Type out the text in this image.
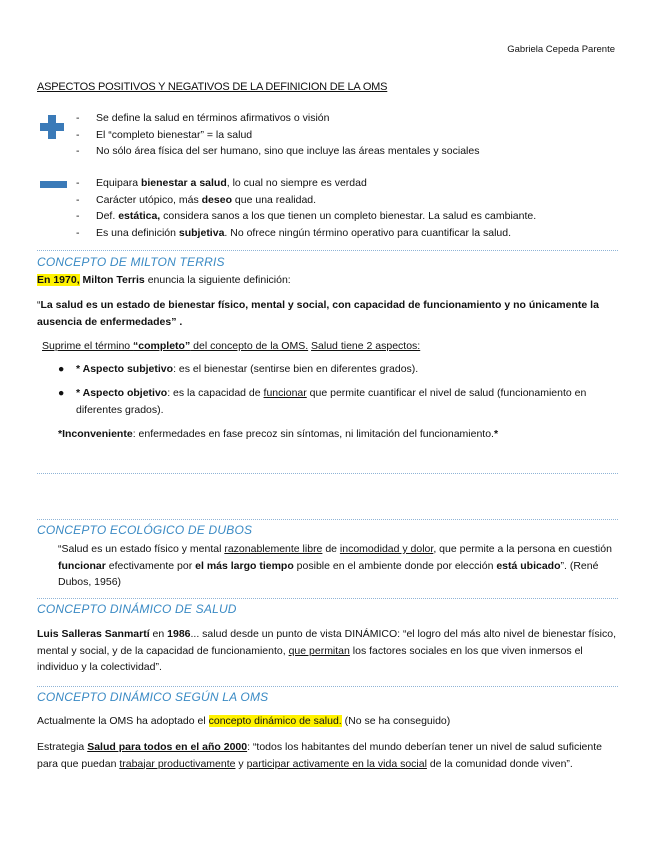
Gabriela Cepeda Parente
ASPECTOS POSITIVOS Y NEGATIVOS DE LA DEFINICION DE LA OMS
- Se define la salud en términos afirmativos o visión
- El “completo bienestar” = la salud
- No sólo área física del ser humano, sino que incluye las áreas mentales y sociales
- Equipara bienestar a salud, lo cual no siempre es verdad
- Carácter utópico, más deseo que una realidad.
- Def. estática, considera sanos a los que tienen un completo bienestar. La salud es cambiante.
- Es una definición subjetiva. No ofrece ningún término operativo para cuantificar la salud.
CONCEPTO DE MILTON TERRIS
En 1970, Milton Terris enuncia la siguiente definición:
“La salud es un estado de bienestar físico, mental y social, con capacidad de funcionamiento y no únicamente la ausencia de enfermedades” .
Suprime el término “completo” del concepto de la OMS. Salud tiene 2 aspectos:
● * Aspecto subjetivo: es el bienestar (sentirse bien en diferentes grados).
● * Aspecto objetivo: es la capacidad de funcionar que permite cuantificar el nivel de salud (funcionamiento en diferentes grados).
*Inconveniente: enfermedades en fase precoz sin síntomas, ni limitación del funcionamiento.*
CONCEPTO ECOLÓGICO DE DUBOS
“Salud es un estado físico y mental razonablemente libre de incomodidad y dolor, que permite a la persona en cuestión funcionar efectivamente por el más largo tiempo posible en el ambiente donde por elección está ubicado”. (René Dubos, 1956)
CONCEPTO DINÁMICO DE SALUD
Luis Salleras Sanmartí en 1986... salud desde un punto de vista DINÁMICO: “el logro del más alto nivel de bienestar físico, mental y social, y de la capacidad de funcionamiento, que permitan los factores sociales en los que viven inmersos el individuo y la colectividad”.
CONCEPTO DINÁMICO SEGÚN LA OMS
Actualmente la OMS ha adoptado el concepto dinámico de salud. (No se ha conseguido)
Estrategia Salud para todos en el año 2000: “todos los habitantes del mundo deberían tener un nivel de salud suficiente para que puedan trabajar productivamente y participar activamente en la vida social de la comunidad donde viven”.
